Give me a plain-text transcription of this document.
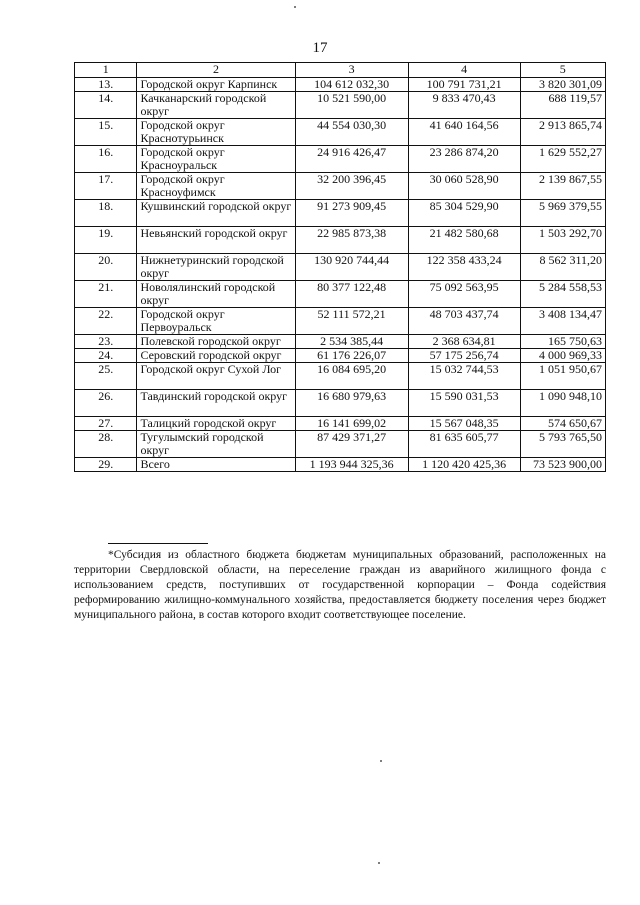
17
1	2	3	4	5
13.	Городской округ Карпинск	104 612 032,30	100 791 731,21	3 820 301,09
14.	Качканарский городской округ	10 521 590,00	9 833 470,43	688 119,57
15.	Городской округ Краснотурьинск	44 554 030,30	41 640 164,56	2 913 865,74
16.	Городской округ Красноуральск	24 916 426,47	23 286 874,20	1 629 552,27
17.	Городской округ Красноуфимск	32 200 396,45	30 060 528,90	2 139 867,55
18.	Кушвинский городской округ	91 273 909,45	85 304 529,90	5 969 379,55
19.	Невьянский городской округ	22 985 873,38	21 482 580,68	1 503 292,70
20.	Нижнетуринский городской округ	130 920 744,44	122 358 433,24	8 562 311,20
21.	Новолялинский городской округ	80 377 122,48	75 092 563,95	5 284 558,53
22.	Городской округ Первоуральск	52 111 572,21	48 703 437,74	3 408 134,47
23.	Полевской городской округ	2 534 385,44	2 368 634,81	165 750,63
24.	Серовский городской округ	61 176 226,07	57 175 256,74	4 000 969,33
25.	Городской округ Сухой Лог	16 084 695,20	15 032 744,53	1 051 950,67
26.	Тавдинский городской округ	16 680 979,63	15 590 031,53	1 090 948,10
27.	Талицкий городской округ	16 141 699,02	15 567 048,35	574 650,67
28.	Тугулымский городской округ	87 429 371,27	81 635 605,77	5 793 765,50
29.	Всего	1 193 944 325,36	1 120 420 425,36	73 523 900,00

*Субсидия из областного бюджета бюджетам муниципальных образований, расположенных на территории Свердловской области, на переселение граждан из аварийного жилищного фонда с использованием средств, поступивших от государственной корпорации – Фонда содействия реформированию жилищно-коммунального хозяйства, предоставляется бюджету поселения через бюджет муниципального района, в состав которого входит соответствующее поселение.
